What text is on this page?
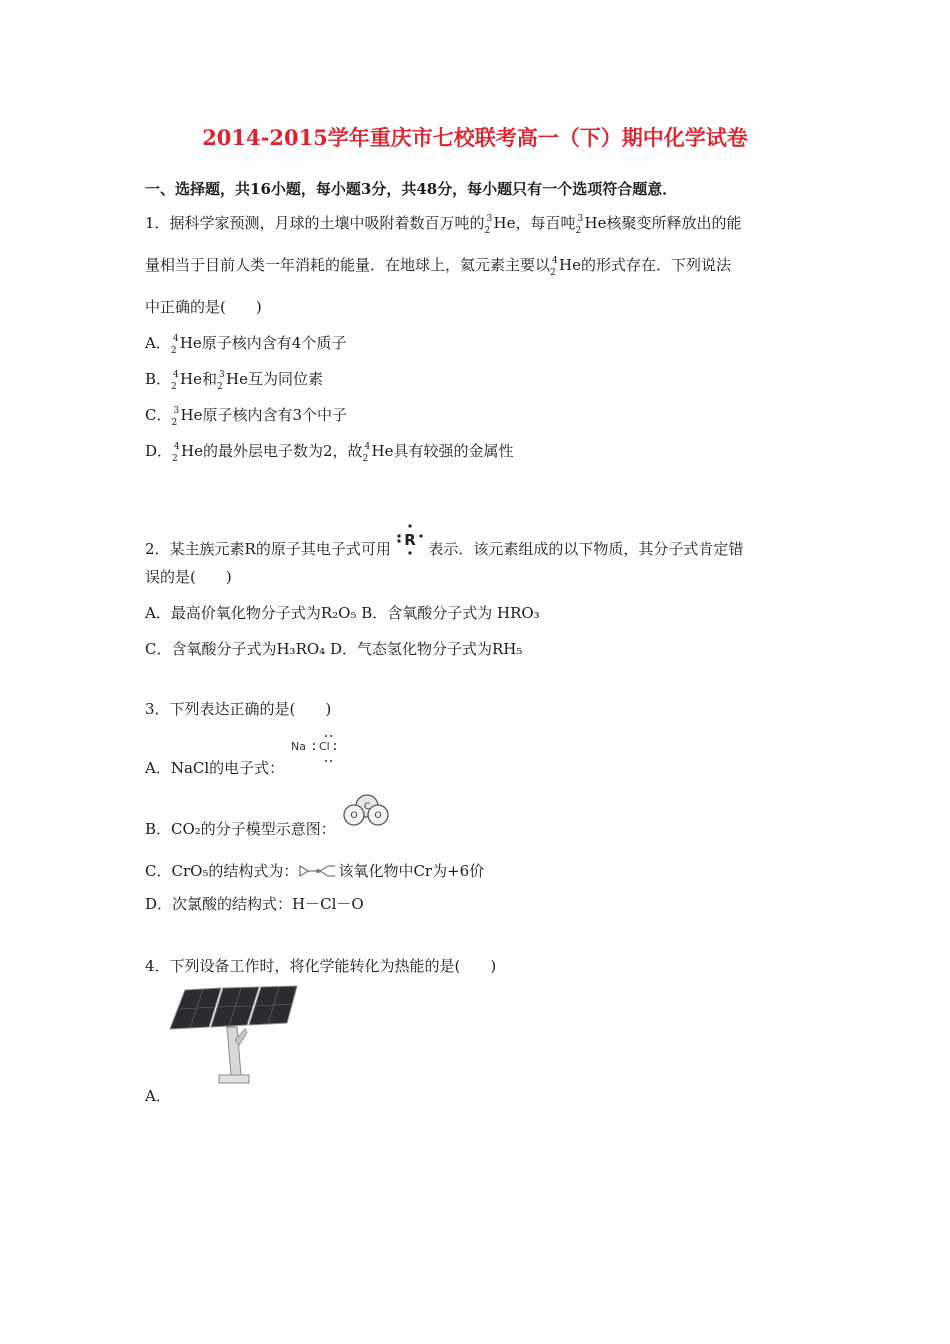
2014-2015学年重庆市七校联考高一（下）期中化学试卷
一、选择题，共16小题，每小题3分，共48分，每小题只有一个选项符合题意．
1．据科学家预测，月球的土壤中吸附着数百万吨的 3
2 He，每百吨 3
2 He核聚变所释放出的能
量相当于目前人类一年消耗的能量．在地球上，氦元素主要以 4
2 He的形式存在．下列说法
中正确的是(　　)
A． 4
2 He原子核内含有4个质子
B． 4
2 He和 3
2 He互为同位素
C． 3
2 He原子核内含有3个中子
D． 4
2 He的最外层电子数为2，故 4
2 He具有较强的金属性
2．某主族元素R的原子其电子式可用 R 表示．该元素组成的以下物质，其分子式肯定错
误的是(　　)
A．最高价氧化物分子式为R₂O₅ B．含氧酸分子式为 HRO₃
C．含氧酸分子式为H₃RO₄ D．气态氢化物分子式为RH₅
3．下列表达正确的是(　　)
A．NaCl的电子式：
Na Cl
B．CO₂的分子模型示意图：
C
O O
C．CrO₅的结构式为：	该氧化物中Cr为+6价
D．次氯酸的结构式：H－Cl－O
4．下列设备工作时，将化学能转化为热能的是(　　)
A．
